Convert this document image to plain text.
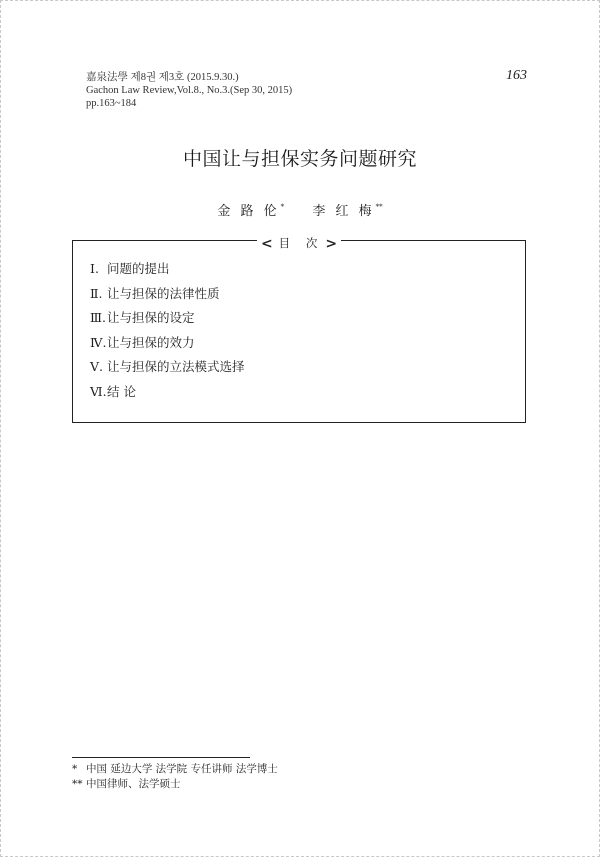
嘉泉法學 제8권 제3호 (2015.9.30.)
Gachon Law Review,Vol.8., No.3.(Sep 30, 2015)
pp.163~184
163
中国让与担保实务问题研究
金 路 伦* 李 红 梅**
< 目 次 >
Ⅰ. 问题的提出
Ⅱ. 让与担保的法律性质
Ⅲ.让与担保的设定
Ⅳ.让与担保的效力
Ⅴ. 让与担保的立法模式选择
Ⅵ.结 论
* 中国 延边大学 法学院 专任讲师 法学博士
** 中国律师、法学硕士
